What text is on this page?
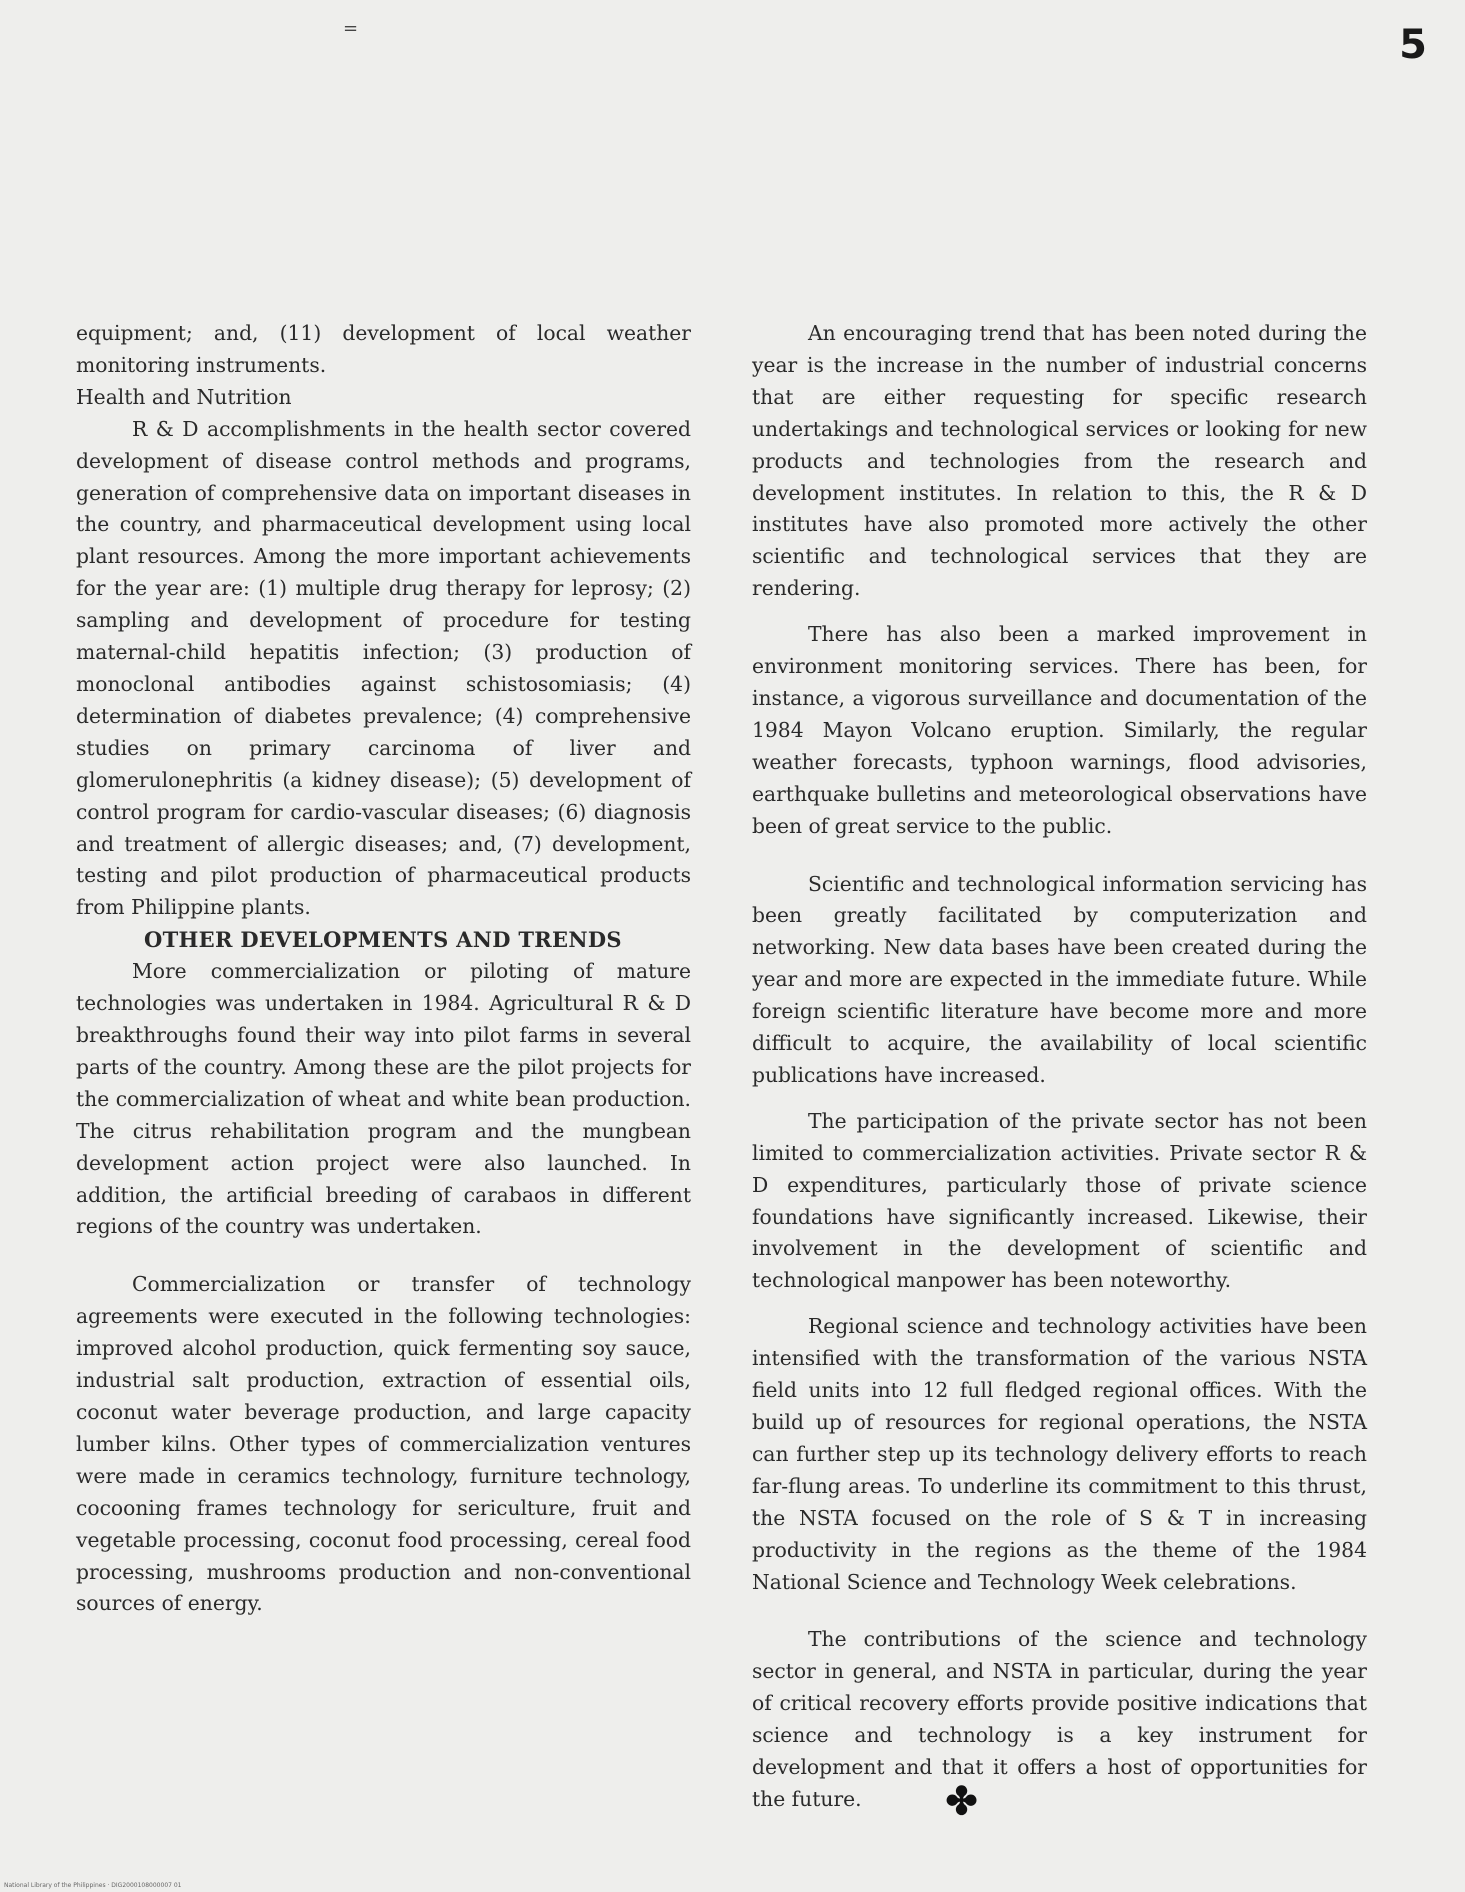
5
=

equipment; and, (11) development of local weather monitoring instruments.

Health and Nutrition

R & D accomplishments in the health sector covered development of disease control methods and programs, generation of comprehensive data on important diseases in the country, and pharmaceutical development using local plant resources. Among the more important achievements for the year are: (1) multiple drug therapy for leprosy; (2) sampling and development of procedure for testing maternal-child hepatitis infection; (3) production of monoclonal antibodies against schistosomiasis; (4) determination of diabetes prevalence; (4) comprehensive studies on primary carcinoma of liver and glomerulonephritis (a kidney disease); (5) development of control program for cardio-vascular diseases; (6) diagnosis and treatment of allergic diseases; and, (7) development, testing and pilot production of pharmaceutical products from Philippine plants.

OTHER DEVELOPMENTS AND TRENDS

More commercialization or piloting of mature technologies was undertaken in 1984. Agricultural R & D breakthroughs found their way into pilot farms in several parts of the country. Among these are the pilot projects for the commercialization of wheat and white bean production. The citrus rehabilitation program and the mungbean development action project were also launched. In addition, the artificial breeding of carabaos in different regions of the country was undertaken.

Commercialization or transfer of technology agreements were executed in the following technologies: improved alcohol production, quick fermenting soy sauce, industrial salt production, extraction of essential oils, coconut water beverage production, and large capacity lumber kilns. Other types of commercialization ventures were made in ceramics technology, furniture technology, cocooning frames technology for sericulture, fruit and vegetable processing, coconut food processing, cereal food processing, mushrooms production and non-conventional sources of energy.

An encouraging trend that has been noted during the year is the increase in the number of industrial concerns that are either requesting for specific research undertakings and technological services or looking for new products and technologies from the research and development institutes. In relation to this, the R & D institutes have also promoted more actively the other scientific and technological services that they are rendering.

There has also been a marked improvement in environment monitoring services. There has been, for instance, a vigorous surveillance and documentation of the 1984 Mayon Volcano eruption. Similarly, the regular weather forecasts, typhoon warnings, flood advisories, earthquake bulletins and meteorological observations have been of great service to the public.

Scientific and technological information servicing has been greatly facilitated by computerization and networking. New data bases have been created during the year and more are expected in the immediate future. While foreign scientific literature have become more and more difficult to acquire, the availability of local scientific publications have increased.

The participation of the private sector has not been limited to commercialization activities. Private sector R & D expenditures, particularly those of private science foundations have significantly increased. Likewise, their involvement in the development of scientific and technological manpower has been noteworthy.

Regional science and technology activities have been intensified with the transformation of the various NSTA field units into 12 full fledged regional offices. With the build up of resources for regional operations, the NSTA can further step up its technology delivery efforts to reach far-flung areas. To underline its commitment to this thrust, the NSTA focused on the role of S & T in increasing productivity in the regions as the theme of the 1984 National Science and Technology Week celebrations.

The contributions of the science and technology sector in general, and NSTA in particular, during the year of critical recovery efforts provide positive indications that science and technology is a key instrument for development and that it offers a host of opportunities for the future. ✤

National Library of the Philippines · DIG2000108000007 01
